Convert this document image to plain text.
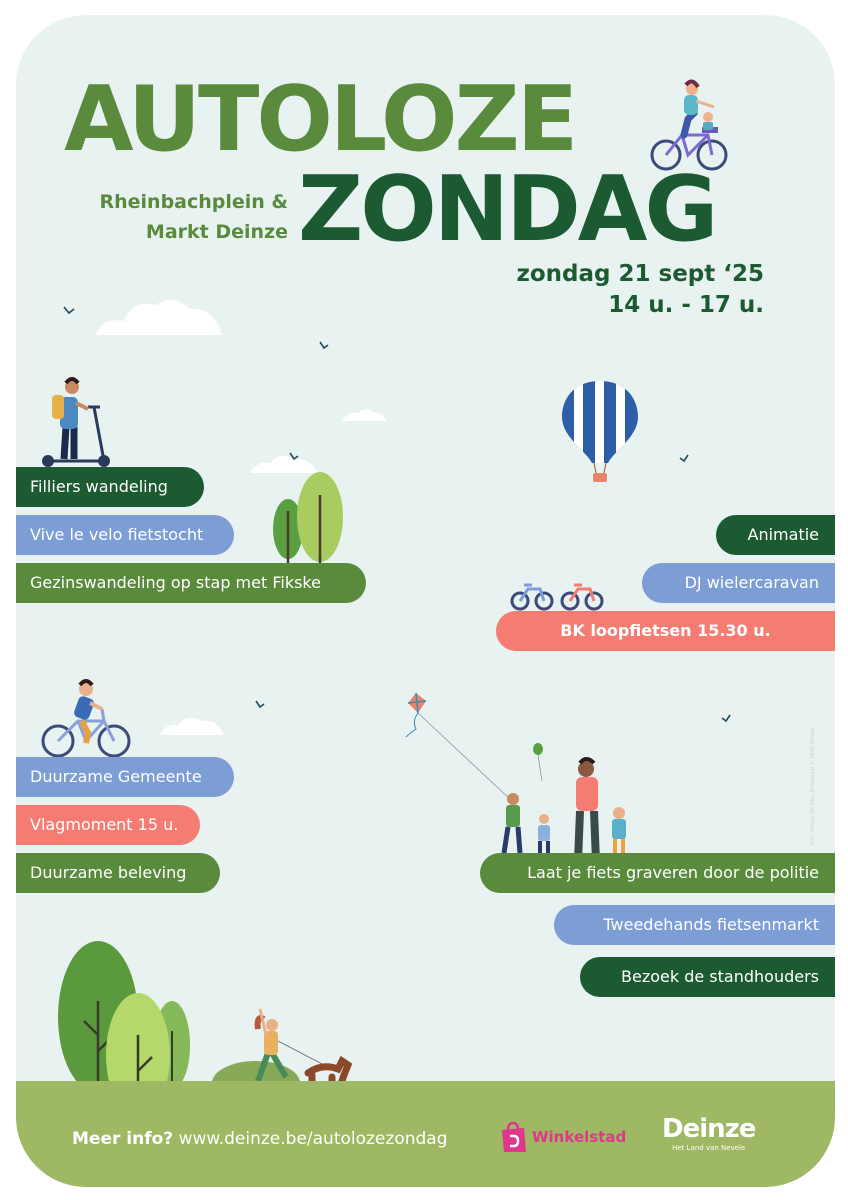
AUTOLOZE
ZONDAG
Rheinbachplein &
Markt Deinze
zondag 21 sept ‘25
14 u. - 17 u.
Filliers wandeling
Vive le velo fietstocht
Gezinswandeling op stap met Fikske
Duurzame Gemeente
Vlagmoment 15 u.
Duurzame beleving
Animatie
DJ wielercaravan
BK loopfietsen 15.30 u.
Laat je fiets graveren door de politie
Tweedehands fietsenmarkt
Bezoek de standhouders
V.U.: Rutger De Reu, Brielstraat 2, 9800 Deinze
Meer info? www.deinze.be/autolozezondag	Winkelstad Deinze
Het Land van Nevele
